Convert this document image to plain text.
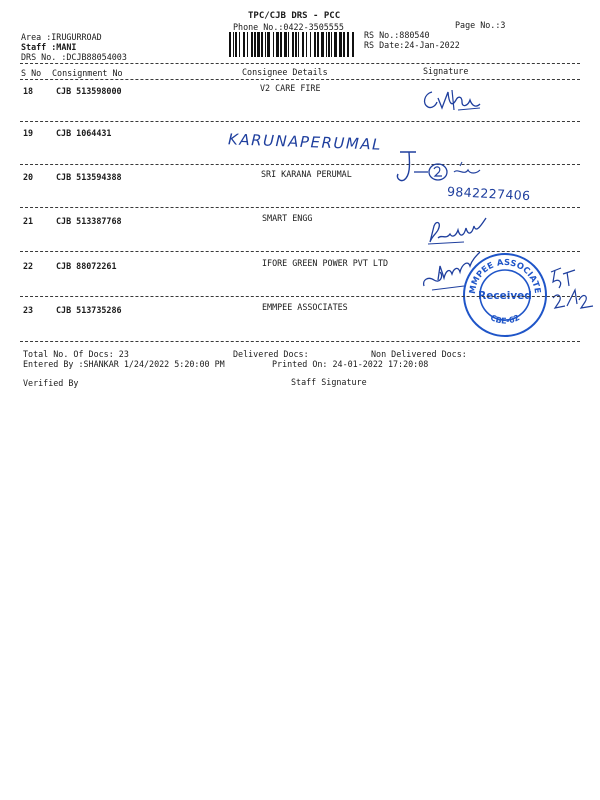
TPC/CJB DRS - PCC
Phone No.:0422-3505555	Page No.:3
RS No.:880540
RS Date:24-Jan-2022
Area :IRUGURROAD
Staff :MANI
DRS No. :DCJB88054003
S No Consignment No	Consignee Details	Signature
18	CJB 513598000	V2 CARE FIRE
19	CJB 1064431	KARUNAPERUMAL
20	CJB 513594388	SRI KARANA PERUMAL
9842227406
21	CJB 513387768	SMART ENGG
22	CJB 88072261	IFORE GREEN POWER PVT LTD
MMPEE ASSOCIATE
CBE-62
Received
23	CJB 513735286	EMMPEE ASSOCIATES
Total No. Of Docs: 23	Delivered Docs:	Non Delivered Docs:
Entered By :SHANKAR 1/24/2022 5:20:00 PM	Printed On: 24-01-2022 17:20:08
Verified By	Staff Signature
